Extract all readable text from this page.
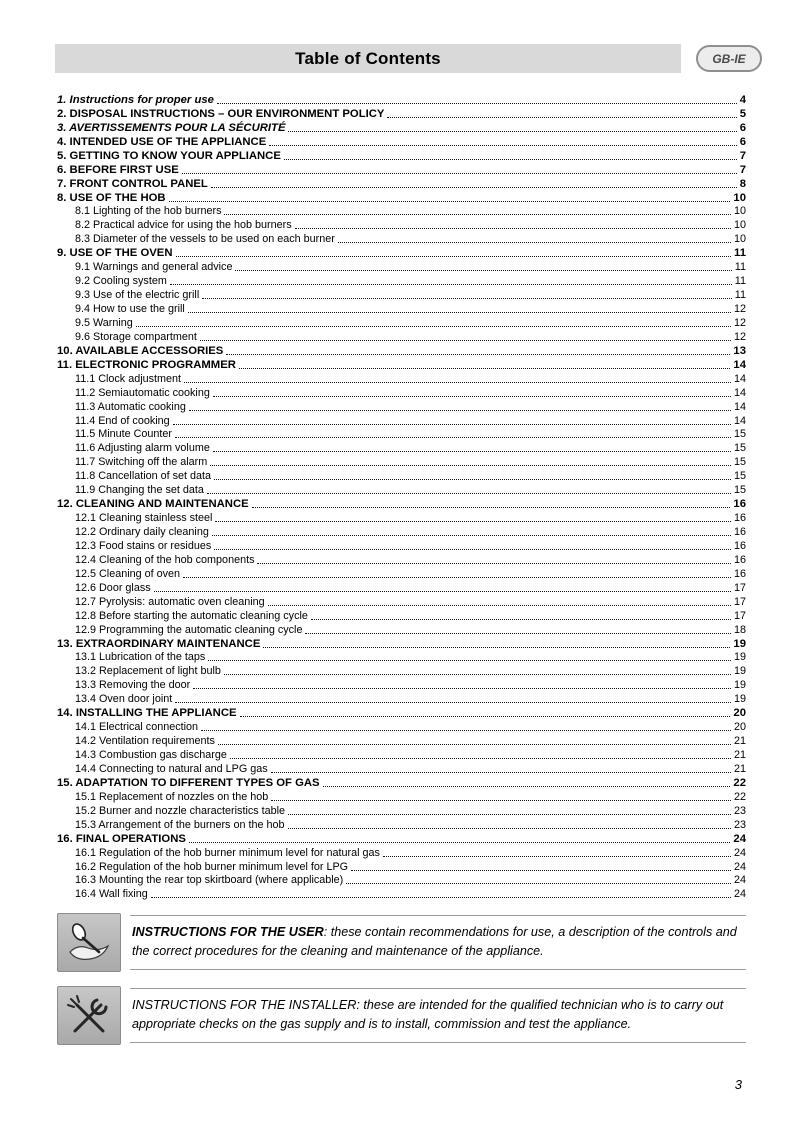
Table of Contents	GB-IE
1. Instructions for proper use	4
2. DISPOSAL INSTRUCTIONS – OUR ENVIRONMENT POLICY	5
3. AVERTISSEMENTS POUR LA SÉCURITÉ	6
4. INTENDED USE OF THE APPLIANCE	6
5. GETTING TO KNOW YOUR APPLIANCE	7
6. BEFORE FIRST USE	7
7. FRONT CONTROL PANEL	8
8. USE OF THE HOB	10
8.1 Lighting of the hob burners	10
8.2 Practical advice for using the hob burners	10
8.3 Diameter of the vessels to be used on each burner	10
9. USE OF THE OVEN	11
9.1 Warnings and general advice	11
9.2 Cooling system	11
9.3 Use of the electric grill	11
9.4 How to use the grill	12
9.5 Warning	12
9.6 Storage compartment	12
10. AVAILABLE ACCESSORIES	13
11. ELECTRONIC PROGRAMMER	14
11.1 Clock adjustment	14
11.2 Semiautomatic cooking	14
11.3 Automatic cooking	14
11.4 End of cooking	14
11.5 Minute Counter	15
11.6 Adjusting alarm volume	15
11.7 Switching off the alarm	15
11.8 Cancellation of set data	15
11.9 Changing the set data	15
12. CLEANING AND MAINTENANCE	16
12.1 Cleaning stainless steel	16
12.2 Ordinary daily cleaning	16
12.3 Food stains or residues	16
12.4 Cleaning of the hob components	16
12.5 Cleaning of oven	16
12.6 Door glass	17
12.7 Pyrolysis: automatic oven cleaning	17
12.8 Before starting the automatic cleaning cycle	17
12.9 Programming the automatic cleaning cycle	18
13. EXTRAORDINARY MAINTENANCE	19
13.1 Lubrication of the taps	19
13.2 Replacement of light bulb	19
13.3 Removing the door	19
13.4 Oven door joint	19
14. INSTALLING THE APPLIANCE	20
14.1 Electrical connection	20
14.2 Ventilation requirements	21
14.3 Combustion gas discharge	21
14.4 Connecting to natural and LPG gas	21
15. ADAPTATION TO DIFFERENT TYPES OF GAS	22
15.1 Replacement of nozzles on the hob	22
15.2 Burner and nozzle characteristics table	23
15.3 Arrangement of the burners on the hob	23
16. FINAL OPERATIONS	24
16.1 Regulation of the hob burner minimum level for natural gas	24
16.2 Regulation of the hob burner minimum level for LPG	24
16.3 Mounting the rear top skirtboard (where applicable)	24
16.4 Wall fixing	24
INSTRUCTIONS FOR THE USER: these contain recommendations for use, a description of the controls and the correct procedures for the cleaning and maintenance of the appliance.
INSTRUCTIONS FOR THE INSTALLER: these are intended for the qualified technician who is to carry out appropriate checks on the gas supply and is to install, commission and test the appliance.
3
